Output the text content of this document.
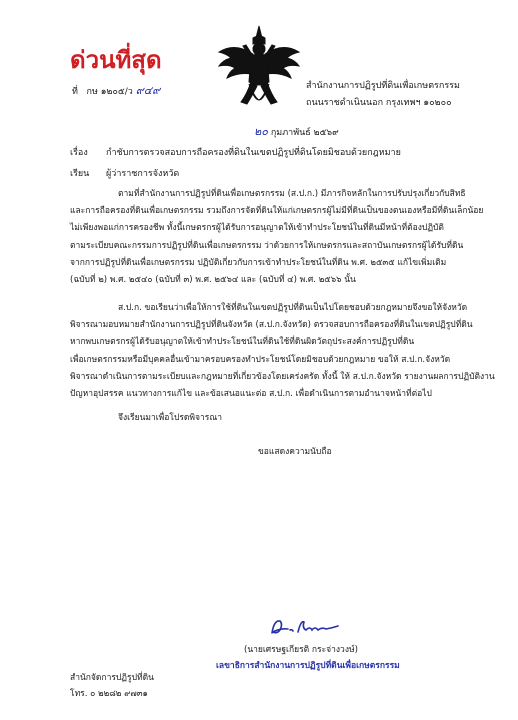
ด่วนที่สุด
ที่ กษ ๑๒๐๕/ว ๙๔๙	สำนักงานการปฏิรูปที่ดินเพื่อเกษตรกรรม
ถนนราชดำเนินนอก กรุงเทพฯ ๑๐๒๐๐
๒๐ กุมภาพันธ์ ๒๕๖๙
เรื่อง กำชับการตรวจสอบการถือครองที่ดินในเขตปฏิรูปที่ดินโดยมิชอบด้วยกฎหมาย
เรียน ผู้ว่าราชการจังหวัด
ตามที่สำนักงานการปฏิรูปที่ดินเพื่อเกษตรกรรม (ส.ป.ก.) มีภารกิจหลักในการปรับปรุงเกี่ยวกับสิทธิ
และการถือครองที่ดินเพื่อเกษตรกรรม รวมถึงการจัดที่ดินให้แก่เกษตรกรผู้ไม่มีที่ดินเป็นของตนเองหรือมีที่ดินเล็กน้อย
ไม่เพียงพอแก่การครองชีพ ทั้งนี้เกษตรกรผู้ได้รับการอนุญาตให้เข้าทำประโยชน์ในที่ดินมีหน้าที่ต้องปฏิบัติ
ตามระเบียบคณะกรรมการปฏิรูปที่ดินเพื่อเกษตรกรรม ว่าด้วยการให้เกษตรกรและสถาบันเกษตรกรผู้ได้รับที่ดิน
จากการปฏิรูปที่ดินเพื่อเกษตรกรรม ปฏิบัติเกี่ยวกับการเข้าทำประโยชน์ในที่ดิน พ.ศ. ๒๕๓๕ แก้ไขเพิ่มเติม
(ฉบับที่ ๒) พ.ศ. ๒๕๔๐ (ฉบับที่ ๓) พ.ศ. ๒๕๖๔ และ (ฉบับที่ ๔) พ.ศ. ๒๕๖๖ นั้น
ส.ป.ก. ขอเรียนว่าเพื่อให้การใช้ที่ดินในเขตปฏิรูปที่ดินเป็นไปโดยชอบด้วยกฎหมายจึงขอให้จังหวัด
พิจารณามอบหมายสำนักงานการปฏิรูปที่ดินจังหวัด (ส.ป.ก.จังหวัด) ตรวจสอบการถือครองที่ดินในเขตปฏิรูปที่ดิน
หากพบเกษตรกรผู้ได้รับอนุญาตให้เข้าทำประโยชน์ในที่ดินใช้ที่ดินผิดวัตถุประสงค์การปฏิรูปที่ดิน
เพื่อเกษตรกรรมหรือมีบุคคลอื่นเข้ามาครอบครองทำประโยชน์โดยมิชอบด้วยกฎหมาย ขอให้ ส.ป.ก.จังหวัด
พิจารณาดำเนินการตามระเบียบและกฎหมายที่เกี่ยวข้องโดยเคร่งครัด ทั้งนี้ ให้ ส.ป.ก.จังหวัด รายงานผลการปฏิบัติงาน
ปัญหาอุปสรรค แนวทางการแก้ไข และข้อเสนอแนะต่อ ส.ป.ก. เพื่อดำเนินการตามอำนาจหน้าที่ต่อไป
จึงเรียนมาเพื่อโปรดพิจารณา
ขอแสดงความนับถือ
(นายเศรษฐเกียรติ กระจ่างวงษ์)
เลขาธิการสำนักงานการปฏิรูปที่ดินเพื่อเกษตรกรรม
สำนักจัดการปฏิรูปที่ดิน
โทร. ๐ ๒๒๘๒ ๙๗๓๑
